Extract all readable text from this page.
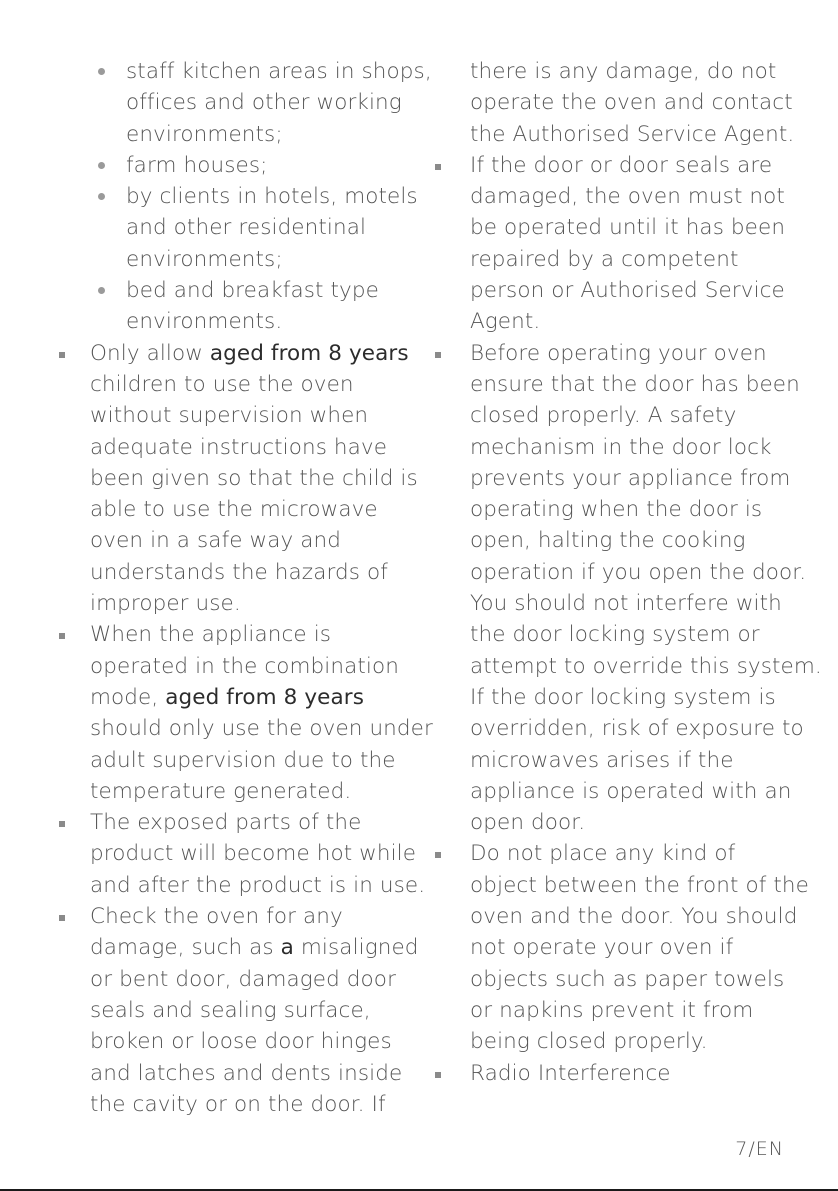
staff kitchen areas in shops,
offices and other working
environments;
farm houses;
by clients in hotels, motels
and other residentinal
environments;
bed and breakfast type
environments.
Only allow aged from 8 years
children to use the oven
without supervision when
adequate instructions have
been given so that the child is
able to use the microwave
oven in a safe way and
understands the hazards of
improper use.
When the appliance is
operated in the combination
mode, aged from 8 years
should only use the oven under
adult supervision due to the
temperature generated.
The exposed parts of the
product will become hot while
and after the product is in use.
Check the oven for any
damage, such as a misaligned
or bent door, damaged door
seals and sealing surface,
broken or loose door hinges
and latches and dents inside
the cavity or on the door. If
there is any damage, do not
operate the oven and contact
the Authorised Service Agent.
If the door or door seals are
damaged, the oven must not
be operated until it has been
repaired by a competent
person or Authorised Service
Agent.
Before operating your oven
ensure that the door has been
closed properly. A safety
mechanism in the door lock
prevents your appliance from
operating when the door is
open, halting the cooking
operation if you open the door.
You should not interfere with
the door locking system or
attempt to override this system.
If the door locking system is
overridden, risk of exposure to
microwaves arises if the
appliance is operated with an
open door.
Do not place any kind of
object between the front of the
oven and the door. You should
not operate your oven if
objects such as paper towels
or napkins prevent it from
being closed properly.
Radio Interference
7/EN
